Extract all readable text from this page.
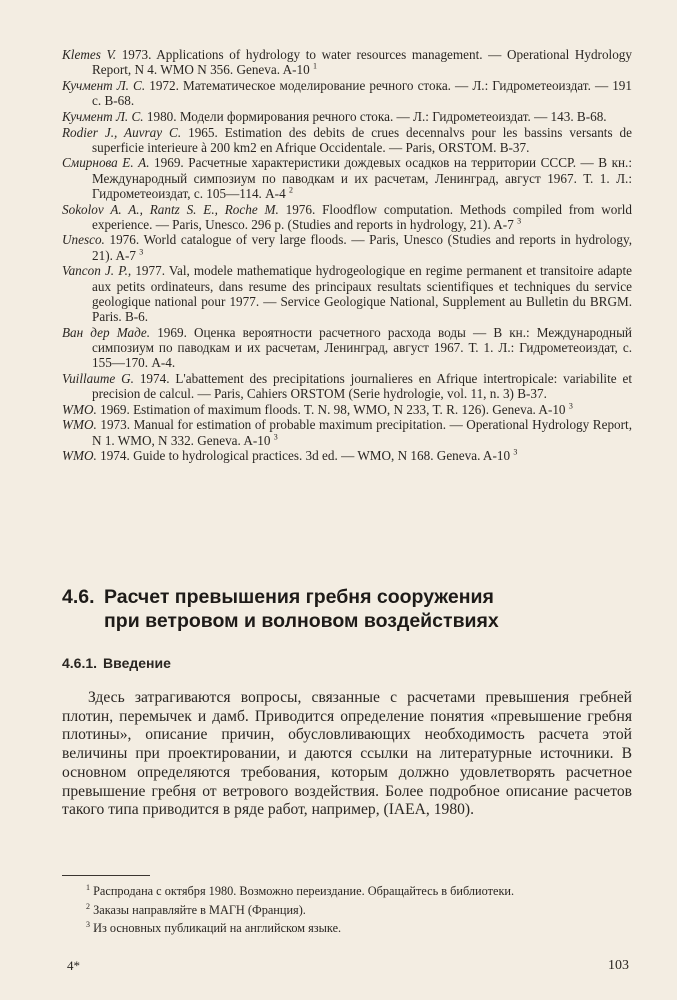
Klemes V. 1973. Applications of hydrology to water resources management. — Operational Hydrology Report, N 4. WMO N 356. Geneva. A-10 $^1$

Кучмент Л. С. 1972. Математическое моделирование речного стока. — Л.: Гидрометеоиздат. — 191 с. В-68.

Кучмент Л. С. 1980. Модели формирования речного стока. — Л.: Гидрометеоиздат. — 143. В-68.

Rodier J., Auvray C. 1965. Estimation des debits de crues decennalvs pour les bassins versants de superficie interieure à 200 km2 en Afrique Occidentale. — Paris, ORSTOM. B-37.

Смирнова Е. А. 1969. Расчетные характеристики дождевых осадков на территории СССР. — В кн.: Международный симпозиум по паводкам и их расчетам, Ленинград, август 1967. Т. 1. Л.: Гидрометеоиздат, с. 105—114. А-4 $^2$

Sokolov A. A., Rantz S. E., Roche M. 1976. Floodflow computation. Methods compiled from world experience. — Paris, Unesco. 296 p. (Studies and reports in hydrology, 21). A-7 $^3$

Unesco. 1976. World catalogue of very large floods. — Paris, Unesco (Studies and reports in hydrology, 21). A-7 $^3$

Vancon J. P., 1977. Val, modele mathematique hydrogeologique en regime permanent et transitoire adapte aux petits ordinateurs, dans resume des principaux resultats scientifiques et techniques du service geologique national pour 1977. — Service Geologique National, Supplement au Bulletin du BRGM. Paris. B-6.

Ван дер Маде. 1969. Оценка вероятности расчетного расхода воды — В кн.: Международный симпозиум по паводкам и их расчетам, Ленинград, август 1967. Т. 1. Л.: Гидрометеоиздат, с. 155—170. А-4.

Vuillaume G. 1974. L'abattement des precipitations journalieres en Afrique intertropicale: variabilite et precision de calcul. — Paris, Cahiers ORSTOM (Serie hydrologie, vol. 11, n. 3) B-37.

WMO. 1969. Estimation of maximum floods. T. N. 98, WMO, N 233, T. R. 126). Geneva. A-10 $^3$

WMO. 1973. Manual for estimation of probable maximum precipitation. — Operational Hydrology Report, N 1. WMO, N 332. Geneva. A-10 $^3$

WMO. 1974. Guide to hydrological practices. 3d ed. — WMO, N 168. Geneva. A-10 $^3$

4.6. Расчет превышения гребня сооружения
при ветровом и волновом воздействиях
4.6.1. Введение

Здесь затрагиваются вопросы, связанные с расчетами превышения гребней плотин, перемычек и дамб. Приводится определение понятия «превышение гребня плотины», описание причин, обусловливающих необходимость расчета этой величины при проектировании, и даются ссылки на литературные источники. В основном определяются требования, которым должно удовлетворять расчетное превышение гребня от ветрового воздействия. Более подробное описание расчетов такого типа приводится в ряде работ, например, (IAEA, 1980).

$^1$ Распродана с октября 1980. Возможно переиздание. Обращайтесь в библиотеки.

$^2$ Заказы направляйте в МАГН (Франция).

$^3$ Из основных публикаций на английском языке.

4*	103
